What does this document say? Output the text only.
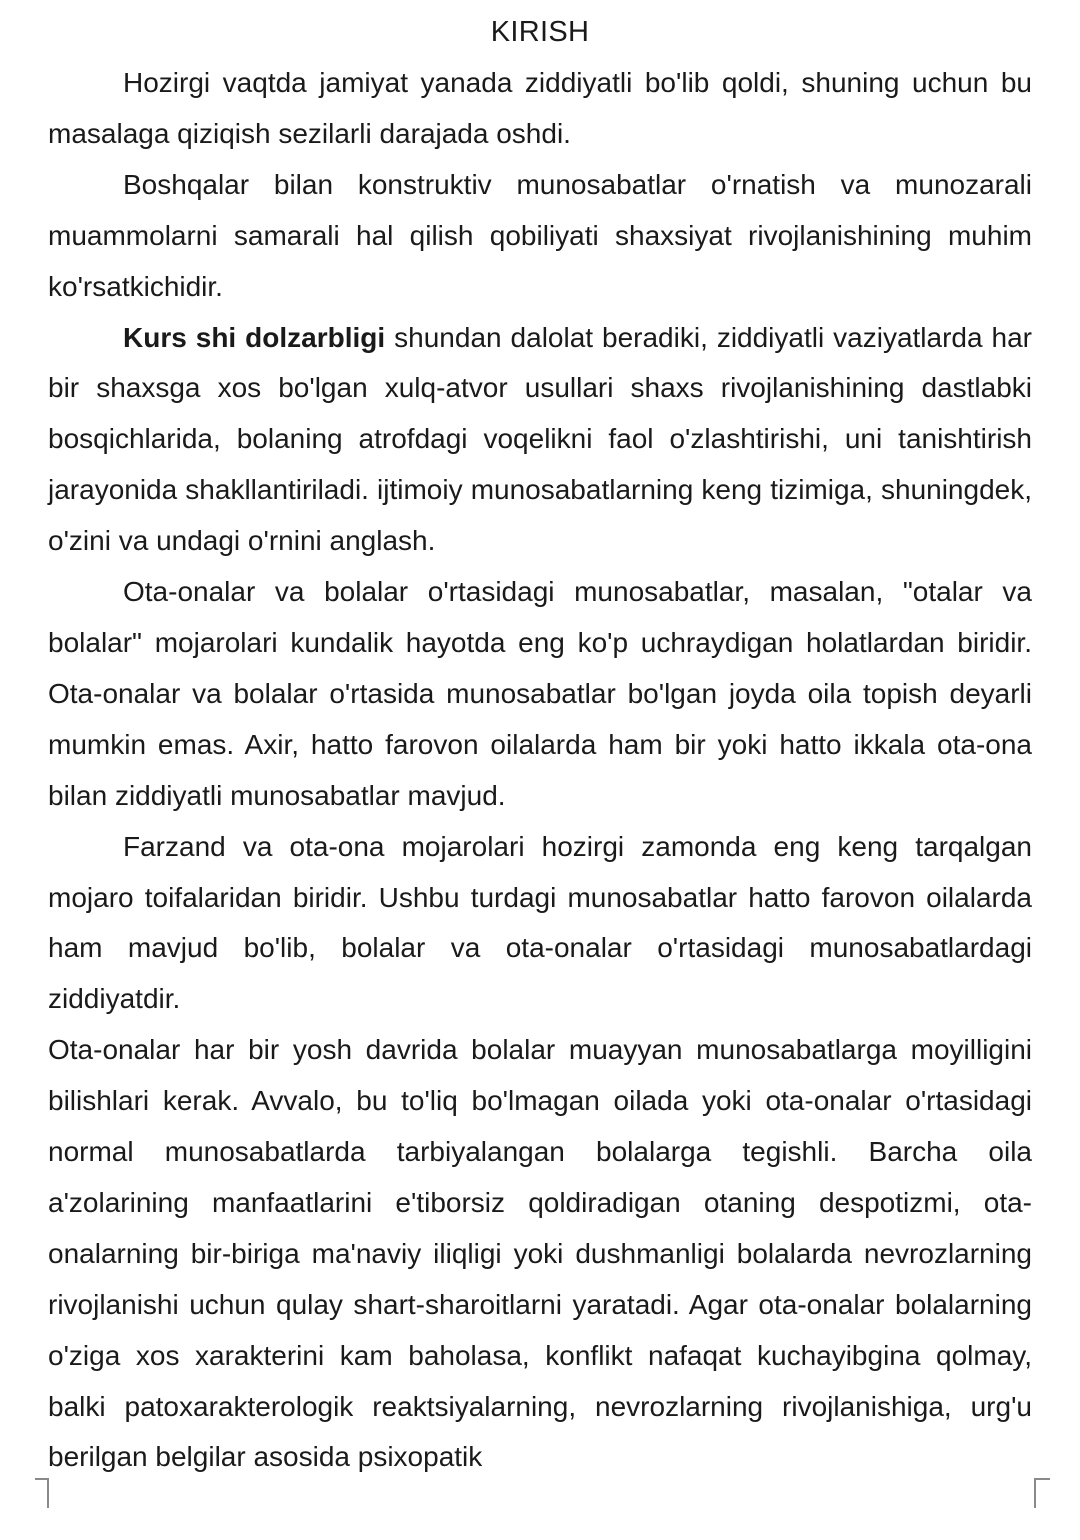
KIRISH

Hozirgi vaqtda jamiyat yanada ziddiyatli bo'lib qoldi, shuning uchun bu masalaga qiziqish sezilarli darajada oshdi.

Boshqalar bilan konstruktiv munosabatlar o'rnatish va munozarali muammolarni samarali hal qilish qobiliyati shaxsiyat rivojlanishining muhim ko'rsatkichidir.

Kurs shi dolzarbligi shundan dalolat beradiki, ziddiyatli vaziyatlarda har bir shaxsga xos bo'lgan xulq-atvor usullari shaxs rivojlanishining dastlabki bosqichlarida, bolaning atrofdagi voqelikni faol o'zlashtirishi, uni tanishtirish jarayonida shakllantiriladi. ijtimoiy munosabatlarning keng tizimiga, shuningdek, o'zini va undagi o'rnini anglash.

Ota-onalar va bolalar o'rtasidagi munosabatlar, masalan, "otalar va bolalar" mojarolari kundalik hayotda eng ko'p uchraydigan holatlardan biridir. Ota-onalar va bolalar o'rtasida munosabatlar bo'lgan joyda oila topish deyarli mumkin emas. Axir, hatto farovon oilalarda ham bir yoki hatto ikkala ota-ona bilan ziddiyatli munosabatlar mavjud.

Farzand va ota-ona mojarolari hozirgi zamonda eng keng tarqalgan mojaro toifalaridan biridir. Ushbu turdagi munosabatlar hatto farovon oilalarda ham mavjud bo'lib, bolalar va ota-onalar o'rtasidagi munosabatlardagi ziddiyatdir.

Ota-onalar har bir yosh davrida bolalar muayyan munosabatlarga moyilligini bilishlari kerak. Avvalo, bu to'liq bo'lmagan oilada yoki ota-onalar o'rtasidagi normal munosabatlarda tarbiyalangan bolalarga tegishli. Barcha oila a'zolarining manfaatlarini e'tiborsiz qoldiradigan otaning despotizmi, ota-onalarning bir-biriga ma'naviy iliqligi yoki dushmanligi bolalarda nevrozlarning rivojlanishi uchun qulay shart-sharoitlarni yaratadi. Agar ota-onalar bolalarning o'ziga xos xarakterini kam baholasa, konflikt nafaqat kuchayibgina qolmay, balki patoxarakterologik reaktsiyalarning, nevrozlarning rivojlanishiga, urg'u berilgan belgilar asosida psixopatik
